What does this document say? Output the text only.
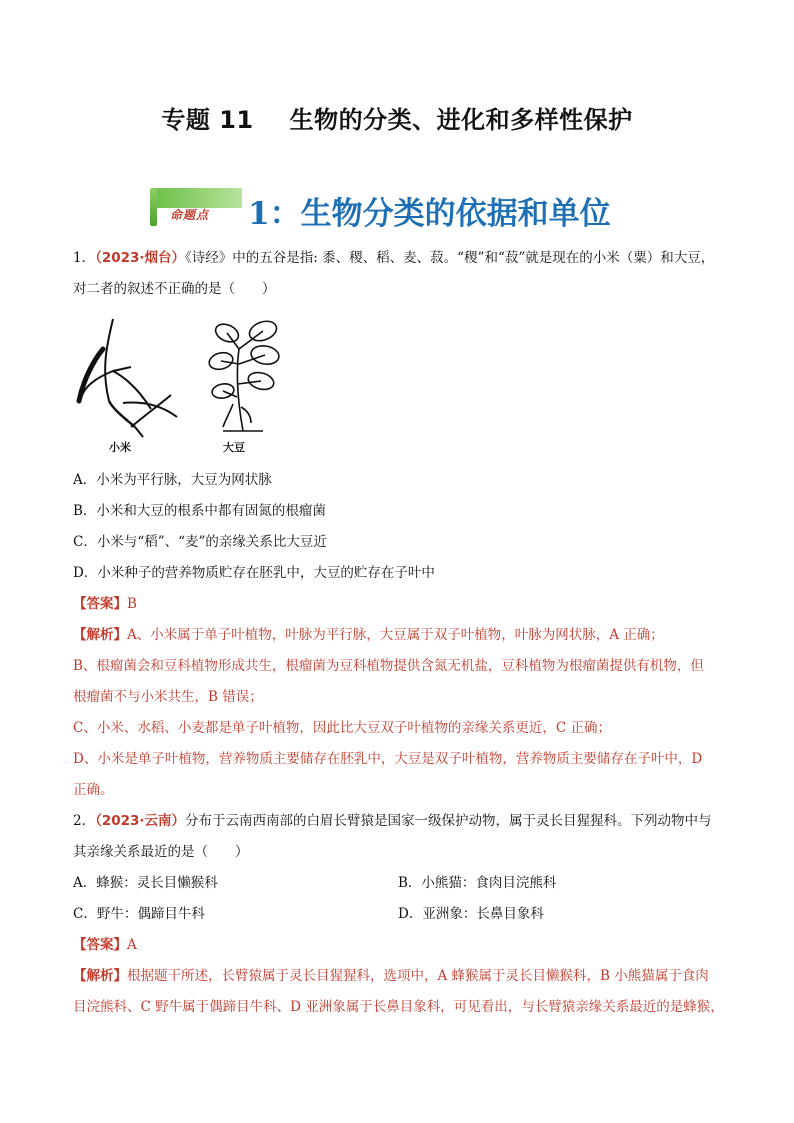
专题 11 生物的分类、进化和多样性保护
命题点	1：生物分类的依据和单位
1．（2023·烟台）《诗经》中的五谷是指: 黍、稷、稻、麦、菽。“稷”和“菽”就是现在的小米（粟）和大豆，
对二者的叙述不正确的是（　　）
小米	大豆
A．小米为平行脉，大豆为网状脉
B．小米和大豆的根系中都有固氮的根瘤菌
C．小米与“稻”、“麦”的亲缘关系比大豆近
D．小米种子的营养物质贮存在胚乳中，大豆的贮存在子叶中
【答案】B
【解析】A、小米属于单子叶植物，叶脉为平行脉，大豆属于双子叶植物，叶脉为网状脉，A 正确；
B、根瘤菌会和豆科植物形成共生，根瘤菌为豆科植物提供含氮无机盐，豆科植物为根瘤菌提供有机物，但
根瘤菌不与小米共生，B 错误；
C、小米、水稻、小麦都是单子叶植物，因此比大豆双子叶植物的亲缘关系更近，C 正确；
D、小米是单子叶植物，营养物质主要储存在胚乳中，大豆是双子叶植物，营养物质主要储存在子叶中，D
正确。
2．（2023·云南）分布于云南西南部的白眉长臂猿是国家一级保护动物，属于灵长目猩猩科。下列动物中与
其亲缘关系最近的是（　　）
A．蜂猴：灵长目懒猴科	B．小熊猫：食肉目浣熊科
C．野牛：偶蹄目牛科	D．亚洲象：长鼻目象科
【答案】A
【解析】根据题干所述，长臂猿属于灵长目猩猩科，选项中，A 蜂猴属于灵长目懒猴科，B 小熊猫属于食肉
目浣熊科、C 野牛属于偶蹄目牛科、D 亚洲象属于长鼻目象科，可见看出，与长臂猿亲缘关系最近的是蜂猴，
